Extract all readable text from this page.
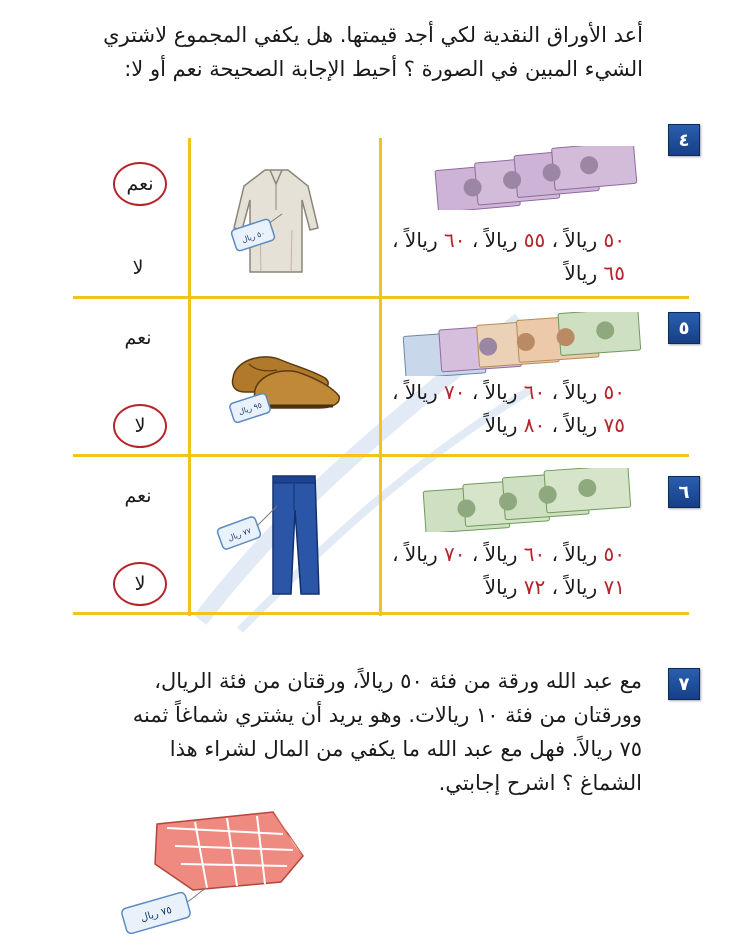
أعد الأوراق النقدية لكي أجد قيمتها. هل يكفي المجموع لاشتري الشيء المبين في الصورة ؟ أحيط الإجابة الصحيحة نعم أو لا:
٤
٥
٦
نعم
لا
٥٠ ريال	٥٠ ريالاً ، ٥٥ ريالاً ، ٦٠ ريالاً ، ٦٥ ريالاً
نعم
لا
٩٥ ريال
٥٠ ريالاً ، ٦٠ ريالاً ، ٧٠ ريالاً ، ٧٥ ريالاً ، ٨٠ ريالاً
نعم
لا
٧٧ ريال
٥٠ ريالاً ، ٦٠ ريالاً ، ٧٠ ريالاً ، ٧١ ريالاً ، ٧٢ ريالاً
٧
مع عبد الله ورقة من فئة ٥٠ ريالاً، ورقتان من فئة الريال، وورقتان من فئة ١٠ ريالات. وهو يريد أن يشتري شماغاً ثمنه ٧٥ ريالاً. فهل مع عبد الله ما يكفي من المال لشراء هذا الشماغ ؟ اشرح إجابتي.
٧٥ ريال
